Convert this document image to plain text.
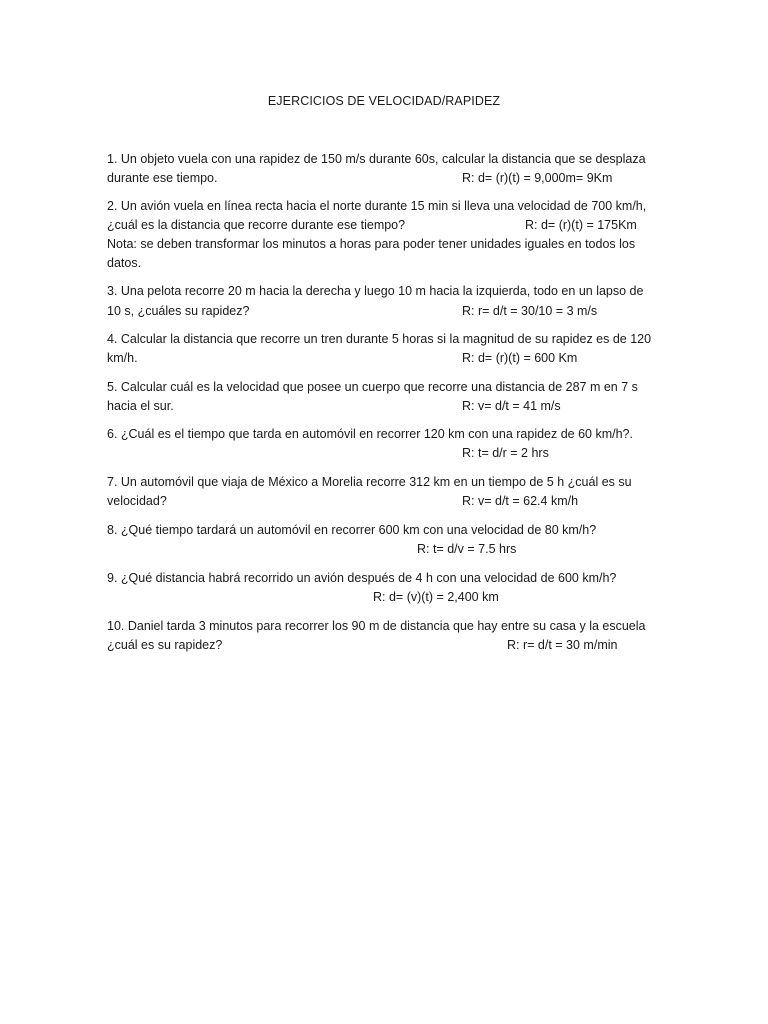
EJERCICIOS DE VELOCIDAD/RAPIDEZ
1. Un objeto vuela con una rapidez de 150 m/s durante 60s, calcular la distancia que se desplaza
durante ese tiempo.	R: d= (r)(t) = 9,000m= 9Km
2. Un avión vuela en línea recta hacia el norte durante 15 min si lleva una velocidad de 700 km/h,
¿cuál es la distancia que recorre durante ese tiempo?	R: d= (r)(t) = 175Km
Nota: se deben transformar los minutos a horas para poder tener unidades iguales en todos los
datos.
3. Una pelota recorre 20 m hacia la derecha y luego 10 m hacia la izquierda, todo en un lapso de
10 s, ¿cuáles su rapidez?	R: r= d/t = 30/10 = 3 m/s
4. Calcular la distancia que recorre un tren durante 5 horas si la magnitud de su rapidez es de 120
km/h.	R: d= (r)(t) = 600 Km
5. Calcular cuál es la velocidad que posee un cuerpo que recorre una distancia de 287 m en 7 s
hacia el sur.	R: v= d/t = 41 m/s
6. ¿Cuál es el tiempo que tarda en automóvil en recorrer 120 km con una rapidez de 60 km/h?.
R: t= d/r = 2 hrs
7. Un automóvil que viaja de México a Morelia recorre 312 km en un tiempo de 5 h ¿cuál es su
velocidad?	R: v= d/t = 62.4 km/h
8. ¿Qué tiempo tardará un automóvil en recorrer 600 km con una velocidad de 80 km/h?
R: t= d/v = 7.5 hrs
9. ¿Qué distancia habrá recorrido un avión después de 4 h con una velocidad de 600 km/h?
R: d= (v)(t) = 2,400 km
10. Daniel tarda 3 minutos para recorrer los 90 m de distancia que hay entre su casa y la escuela
¿cuál es su rapidez?	R: r= d/t = 30 m/min
